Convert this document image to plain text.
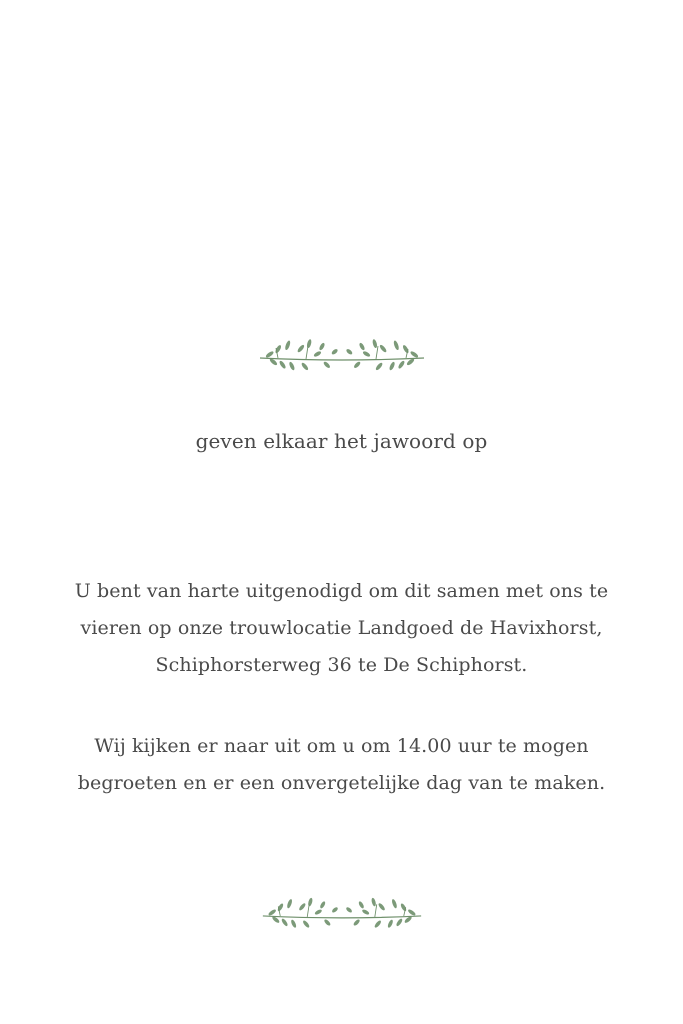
geven elkaar het jawoord op
U bent van harte uitgenodigd om dit samen met ons te
vieren op onze trouwlocatie Landgoed de Havixhorst,
Schiphorsterweg 36 te De Schiphorst.
Wij kijken er naar uit om u om 14.00 uur te mogen
begroeten en er een onvergetelijke dag van te maken.
